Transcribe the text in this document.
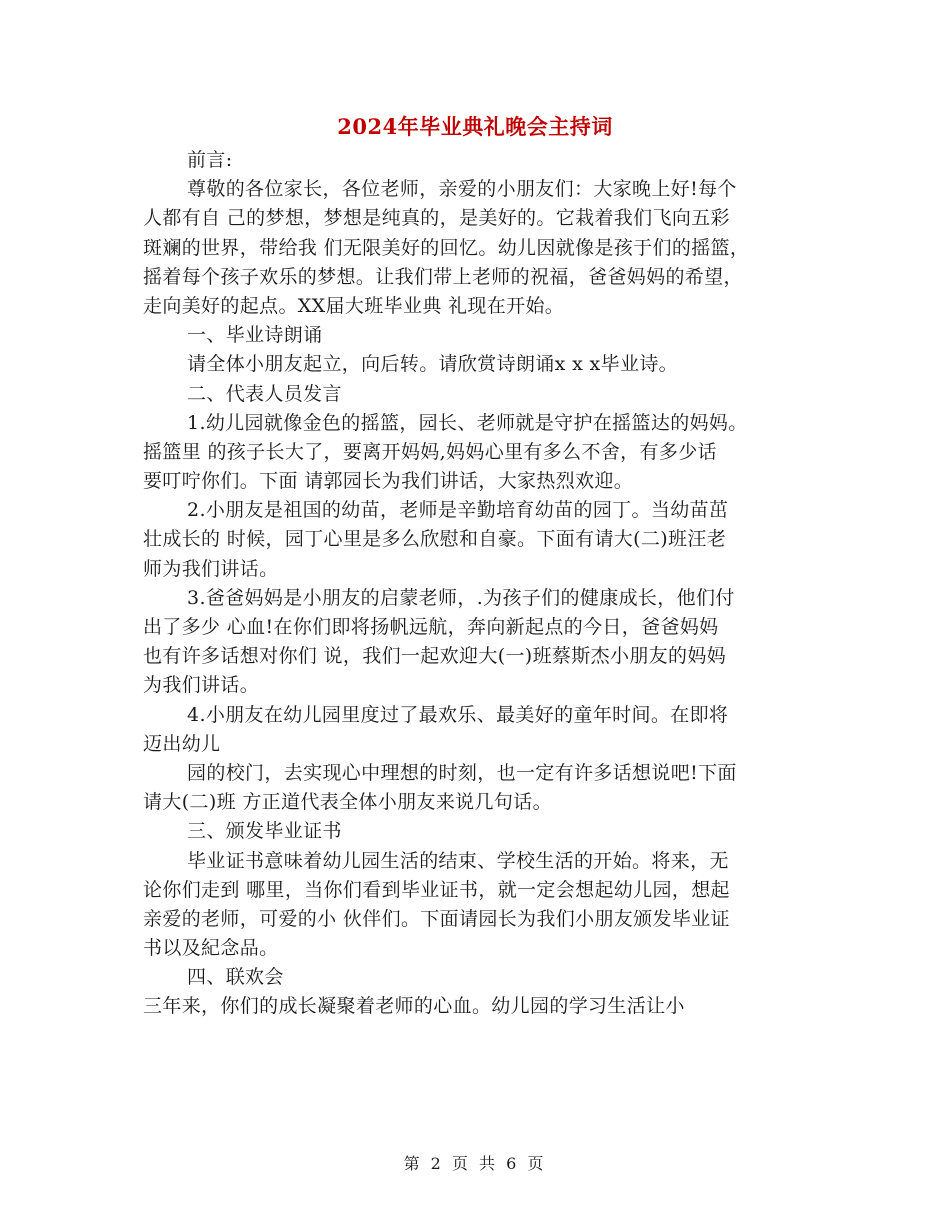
2024年毕业典礼晚会主持词
前言:
尊敬的各位家长，各位老师，亲爱的小朋友们：大家晚上好!每个
人都有自 己的梦想，梦想是纯真的，是美好的。它栽着我们飞向五彩
斑斓的世界，带给我 们无限美好的回忆。幼儿因就像是孩于们的摇篮，
摇着每个孩子欢乐的梦想。让我们带上老师的祝福，爸爸妈妈的希望，
走向美好的起点。XX届大班毕业典 礼现在开始。
一、毕业诗朗诵
请全体小朋友起立，向后转。请欣赏诗朗诵x x x毕业诗。
二、代表人员发言
1.幼儿园就像金色的摇篮，园长、老师就是守护在摇篮达的妈妈。
摇篮里 的孩子长大了，要离开妈妈,妈妈心里有多么不舍，有多少话
要叮咛你们。下面 请郭园长为我们讲话，大家热烈欢迎。
2.小朋友是祖国的幼苗，老师是辛勤培育幼苗的园丁。当幼苗茁
壮成长的 时候，园丁心里是多么欣慰和自豪。下面有请大(二)班汪老
师为我们讲话。
3.爸爸妈妈是小朋友的启蒙老师，.为孩子们的健康成长，他们付
出了多少 心血!在你们即将扬帆远航，奔向新起点的今日，爸爸妈妈
也有许多话想对你们 说，我们一起欢迎大(一)班蔡斯杰小朋友的妈妈
为我们讲话。
4.小朋友在幼儿园里度过了最欢乐、最美好的童年时间。在即将
迈出幼儿
园的校门，去实现心中理想的时刻，也一定有许多话想说吧!下面
请大(二)班 方正道代表全体小朋友来说几句话。
三、颁发毕业证书
毕业证书意味着幼儿园生活的结束、学校生活的开始。将来，无
论你们走到 哪里，当你们看到毕业证书，就一定会想起幼儿园，想起
亲爱的老师，可爱的小 伙伴们。下面请园长为我们小朋友颁发毕业证
书以及紀念品。
四、联欢会
三年来，你们的成长凝聚着老师的心血。幼儿园的学习生活让小
第 2 页 共 6 页
